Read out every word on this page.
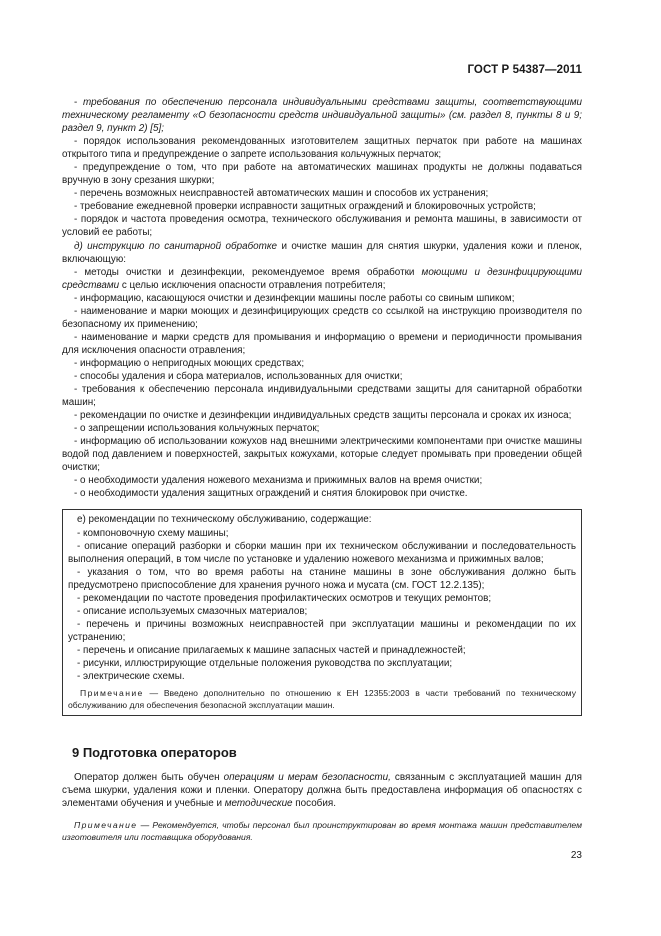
ГОСТ Р 54387—2011

- требования по обеспечению персонала индивидуальными средствами защиты, соответствующими техническому регламенту «О безопасности средств индивидуальной защиты» (см. раздел 8, пункты 8 и 9; раздел 9, пункт 2) [5];

- порядок использования рекомендованных изготовителем защитных перчаток при работе на машинах открытого типа и предупреждение о запрете использования кольчужных перчаток;

- предупреждение о том, что при работе на автоматических машинах продукты не должны подаваться вручную в зону срезания шкурки;

- перечень возможных неисправностей автоматических машин и способов их устранения;

- требование ежедневной проверки исправности защитных ограждений и блокировочных устройств;

- порядок и частота проведения осмотра, технического обслуживания и ремонта машины, в зависимости от условий ее работы;

д) инструкцию по санитарной обработке и очистке машин для снятия шкурки, удаления кожи и пленок, включающую:

- методы очистки и дезинфекции, рекомендуемое время обработки моющими и дезинфицирующими средствами с целью исключения опасности отравления потребителя;

- информацию, касающуюся очистки и дезинфекции машины после работы со свиным шпиком;

- наименование и марки моющих и дезинфицирующих средств со ссылкой на инструкцию производителя по безопасному их применению;

- наименование и марки средств для промывания и информацию о времени и периодичности промывания для исключения опасности отравления;

- информацию о непригодных моющих средствах;

- способы удаления и сбора материалов, использованных для очистки;

- требования к обеспечению персонала индивидуальными средствами защиты для санитарной обработки машин;

- рекомендации по очистке и дезинфекции индивидуальных средств защиты персонала и сроках их износа;

- о запрещении использования кольчужных перчаток;

- информацию об использовании кожухов над внешними электрическими компонентами при очистке машины водой под давлением и поверхностей, закрытых кожухами, которые следует промывать при проведении общей очистки;

- о необходимости удаления ножевого механизма и прижимных валов на время очистки;

- о необходимости удаления защитных ограждений и снятия блокировок при очистке.

е) рекомендации по техническому обслуживанию, содержащие:

- компоновочную схему машины;

- описание операций разборки и сборки машин при их техническом обслуживании и последовательность выполнения операций, в том числе по установке и удалению ножевого механизма и прижимных валов;

- указания о том, что во время работы на станине машины в зоне обслуживания должно быть предусмотрено приспособление для хранения ручного ножа и мусата (см. ГОСТ 12.2.135);

- рекомендации по частоте проведения профилактических осмотров и текущих ремонтов;

- описание используемых смазочных материалов;

- перечень и причины возможных неисправностей при эксплуатации машины и рекомендации по их устранению;

- перечень и описание прилагаемых к машине запасных частей и принадлежностей;

- рисунки, иллюстрирующие отдельные положения руководства по эксплуатации;

- электрические схемы.

Примечание — Введено дополнительно по отношению к ЕН 12355:2003 в части требований по техническому обслуживанию для обеспечения безопасной эксплуатации машин.
9 Подготовка операторов

Оператор должен быть обучен операциям и мерам безопасности, связанным с эксплуатацией машин для съема шкурки, удаления кожи и пленки. Оператору должна быть предоставлена информация об опасностях с элементами обучения и учебные и методические пособия.

Примечание — Рекомендуется, чтобы персонал был проинструктирован во время монтажа машин представителем изготовителя или поставщика оборудования.
23
